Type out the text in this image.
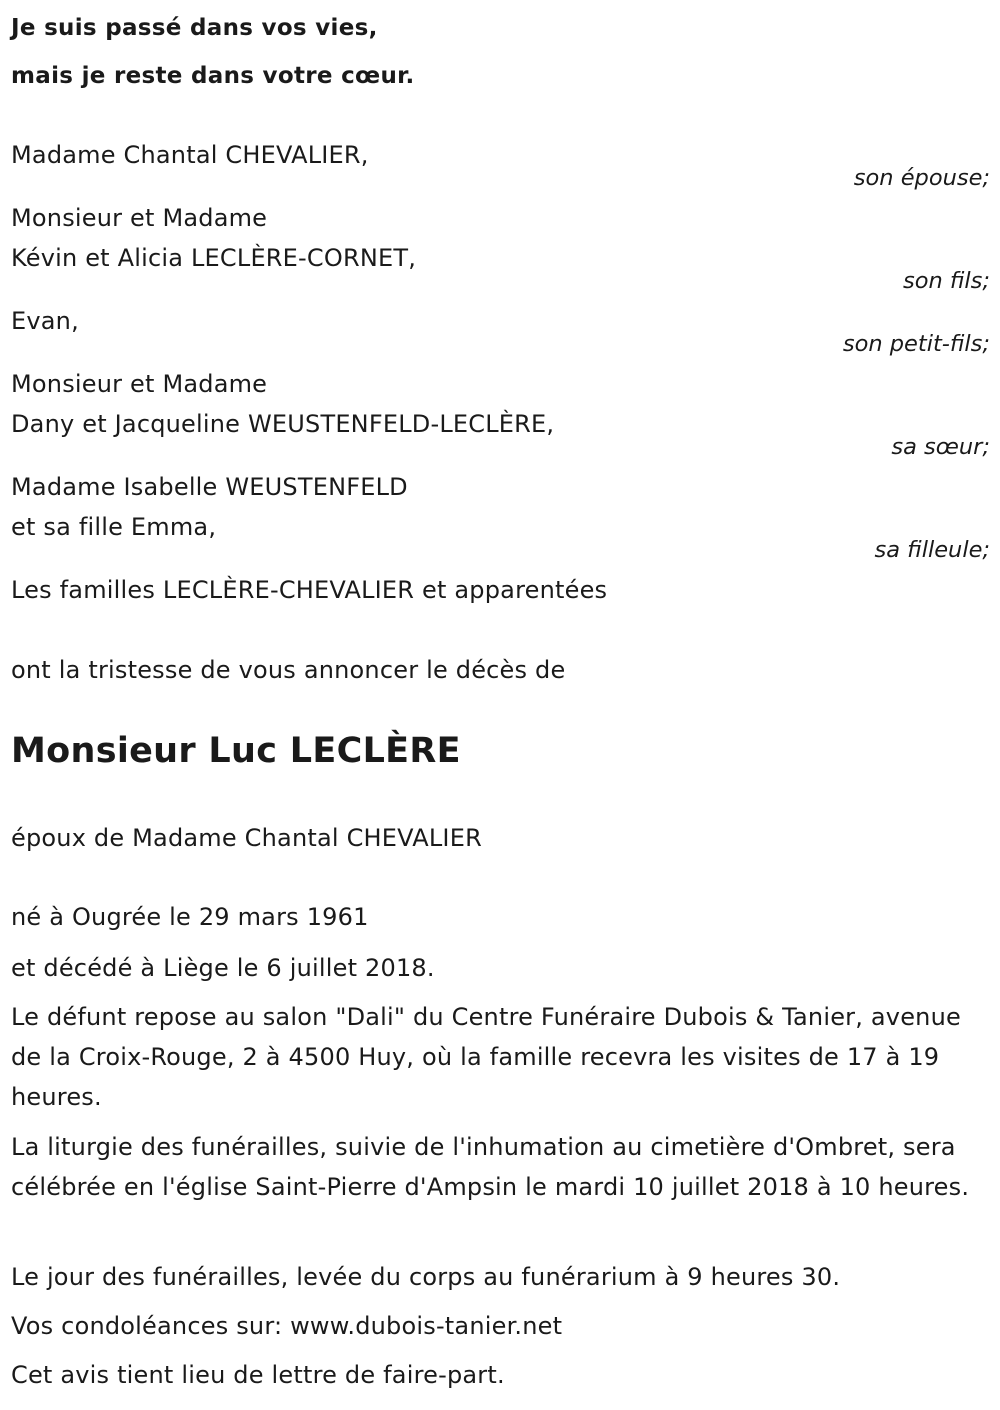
Je suis passé dans vos vies,
mais je reste dans votre cœur.
Madame Chantal CHEVALIER,
son épouse;
Monsieur et Madame
Kévin et Alicia LECLÈRE-CORNET,
son fils;
Evan,
son petit-fils;
Monsieur et Madame
Dany et Jacqueline WEUSTENFELD-LECLÈRE,
sa sœur;
Madame Isabelle WEUSTENFELD
et sa fille Emma,
sa filleule;
Les familles LECLÈRE-CHEVALIER et apparentées
ont la tristesse de vous annoncer le décès de
Monsieur Luc LECLÈRE
époux de Madame Chantal CHEVALIER
né à Ougrée le 29 mars 1961
et décédé à Liège le 6 juillet 2018.
Le défunt repose au salon "Dali" du Centre Funéraire Dubois & Tanier, avenue de la Croix-Rouge, 2 à 4500 Huy, où la famille recevra les visites de 17 à 19 heures.
La liturgie des funérailles, suivie de l'inhumation au cimetière d'Ombret, sera célébrée en l'église Saint-Pierre d'Ampsin le mardi 10 juillet 2018 à 10 heures.
Le jour des funérailles, levée du corps au funérarium à 9 heures 30.
Vos condoléances sur: www.dubois-tanier.net
Cet avis tient lieu de lettre de faire-part.
